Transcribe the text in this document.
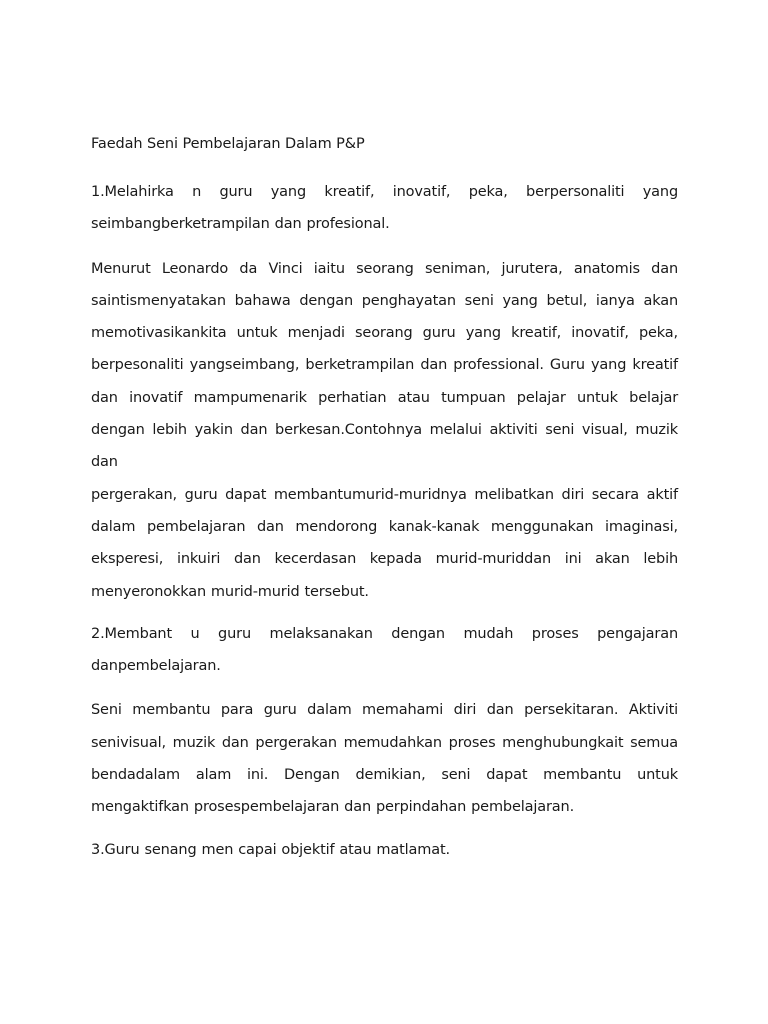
Faedah Seni Pembelajaran Dalam P&P
1.Melahirka n guru yang kreatif, inovatif, peka, berpersonaliti yang
seimbangberketrampilan dan profesional.
Menurut Leonardo da Vinci iaitu seorang seniman, jurutera, anatomis dan
saintismenyatakan bahawa dengan penghayatan seni yang betul, ianya akan
memotivasikankita untuk menjadi seorang guru yang kreatif, inovatif, peka,
berpesonaliti yangseimbang, berketrampilan dan professional. Guru yang kreatif
dan inovatif mampumenarik perhatian atau tumpuan pelajar untuk belajar
dengan lebih yakin dan berkesan.Contohnya melalui aktiviti seni visual, muzik dan
pergerakan, guru dapat membantumurid-muridnya melibatkan diri secara aktif
dalam pembelajaran dan mendorong kanak-kanak menggunakan imaginasi,
eksperesi, inkuiri dan kecerdasan kepada murid-muriddan ini akan lebih
menyeronokkan murid-murid tersebut.
2.Membant u guru melaksanakan dengan mudah proses pengajaran
danpembelajaran.
Seni membantu para guru dalam memahami diri dan persekitaran. Aktiviti
senivisual, muzik dan pergerakan memudahkan proses menghubungkait semua
bendadalam alam ini. Dengan demikian, seni dapat membantu untuk
mengaktifkan prosespembelajaran dan perpindahan pembelajaran.
3.Guru senang men capai objektif atau matlamat.
